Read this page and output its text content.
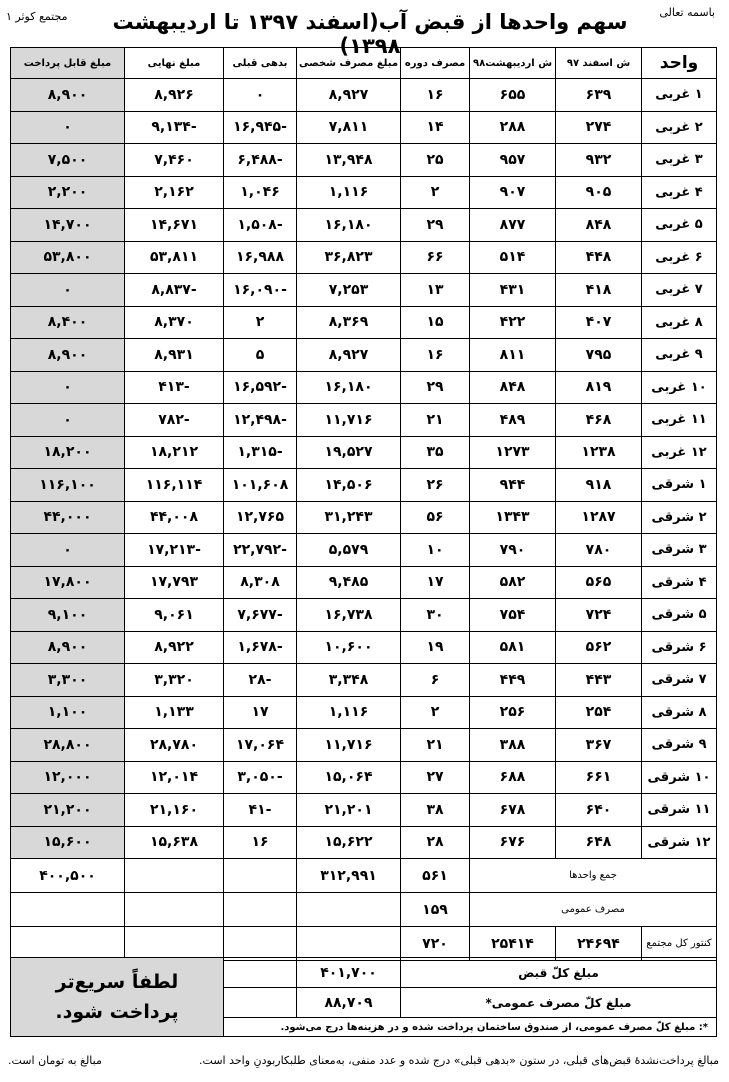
باسمه تعالی
مجتمع کوثر ۱ سهم واحدها از قبض آب(اسفند ۱۳۹۷ تا اردیبهشت ۱۳۹۸)
واحد	ش اسفند ۹۷	ش اردیبهشت۹۸	مصرف دوره	مبلغ مصرف شخصی	بدهی قبلی	مبلغ نهایی	مبلغ قابل پرداخت
۱ غربی	۶۳۹	۶۵۵	۱۶	۸,۹۲۷	۰	۸,۹۲۶	۸,۹۰۰
۲ غربی	۲۷۴	۲۸۸	۱۴	۷,۸۱۱	-۱۶,۹۴۵	-۹,۱۳۴	۰
۳ غربی	۹۳۲	۹۵۷	۲۵	۱۳,۹۴۸	-۶,۴۸۸	۷,۴۶۰	۷,۵۰۰
۴ غربی	۹۰۵	۹۰۷	۲	۱,۱۱۶	۱,۰۴۶	۲,۱۶۲	۲,۲۰۰
۵ غربی	۸۴۸	۸۷۷	۲۹	۱۶,۱۸۰	-۱,۵۰۸	۱۴,۶۷۱	۱۴,۷۰۰
۶ غربی	۴۴۸	۵۱۴	۶۶	۳۶,۸۲۳	۱۶,۹۸۸	۵۳,۸۱۱	۵۳,۸۰۰
۷ غربی	۴۱۸	۴۳۱	۱۳	۷,۲۵۳	-۱۶,۰۹۰	-۸,۸۳۷	۰
۸ غربی	۴۰۷	۴۲۲	۱۵	۸,۳۶۹	۲	۸,۳۷۰	۸,۴۰۰
۹ غربی	۷۹۵	۸۱۱	۱۶	۸,۹۲۷	۵	۸,۹۳۱	۸,۹۰۰
۱۰ غربی	۸۱۹	۸۴۸	۲۹	۱۶,۱۸۰	-۱۶,۵۹۲	-۴۱۳	۰
۱۱ غربی	۴۶۸	۴۸۹	۲۱	۱۱,۷۱۶	-۱۲,۴۹۸	-۷۸۲	۰
۱۲ غربی	۱۲۳۸	۱۲۷۳	۳۵	۱۹,۵۲۷	-۱,۳۱۵	۱۸,۲۱۲	۱۸,۲۰۰
۱ شرقی	۹۱۸	۹۴۴	۲۶	۱۴,۵۰۶	۱۰۱,۶۰۸	۱۱۶,۱۱۴	۱۱۶,۱۰۰
۲ شرقی	۱۲۸۷	۱۳۴۳	۵۶	۳۱,۲۴۳	۱۲,۷۶۵	۴۴,۰۰۸	۴۴,۰۰۰
۳ شرقی	۷۸۰	۷۹۰	۱۰	۵,۵۷۹	-۲۲,۷۹۲	-۱۷,۲۱۳	۰
۴ شرقی	۵۶۵	۵۸۲	۱۷	۹,۴۸۵	۸,۳۰۸	۱۷,۷۹۳	۱۷,۸۰۰
۵ شرقی	۷۲۴	۷۵۴	۳۰	۱۶,۷۳۸	-۷,۶۷۷	۹,۰۶۱	۹,۱۰۰
۶ شرقی	۵۶۲	۵۸۱	۱۹	۱۰,۶۰۰	-۱,۶۷۸	۸,۹۲۲	۸,۹۰۰
۷ شرقی	۴۴۳	۴۴۹	۶	۳,۳۴۸	-۲۸	۳,۳۲۰	۳,۳۰۰
۸ شرقی	۲۵۴	۲۵۶	۲	۱,۱۱۶	۱۷	۱,۱۳۳	۱,۱۰۰
۹ شرقی	۳۶۷	۳۸۸	۲۱	۱۱,۷۱۶	۱۷,۰۶۴	۲۸,۷۸۰	۲۸,۸۰۰
۱۰ شرقی	۶۶۱	۶۸۸	۲۷	۱۵,۰۶۴	-۳,۰۵۰	۱۲,۰۱۴	۱۲,۰۰۰
۱۱ شرقی	۶۴۰	۶۷۸	۳۸	۲۱,۲۰۱	-۴۱	۲۱,۱۶۰	۲۱,۲۰۰
۱۲ شرقی	۶۴۸	۶۷۶	۲۸	۱۵,۶۲۲	۱۶	۱۵,۶۳۸	۱۵,۶۰۰
جمع واحدها			۵۶۱	۳۱۲,۹۹۱			۴۰۰,۵۰۰
مصرف عمومی			۱۵۹				
کنتور کل مجتمع	۲۴۶۹۴	۲۵۴۱۴	۷۲۰				
مبلغ کلّ قبض	۴۰۱,۷۰۰		لطفاً سریع‌تر
پرداخت شود.

مبلغ کلّ مصرف عمومی*	۸۸,۷۰۹		
*: مبلغ کلّ مصرف عمومی، از صندوق ساختمان پرداخت شده و در هزینه‌ها درج می‌شود.			
مبالغ پرداخت‌نشدهٔ قبض‌های قبلی، در ستون «بدهی قبلی» درج شده و عدد منفی، به‌معنای طلبکاربودنِ واحد است.
مبالغ به تومان است.
